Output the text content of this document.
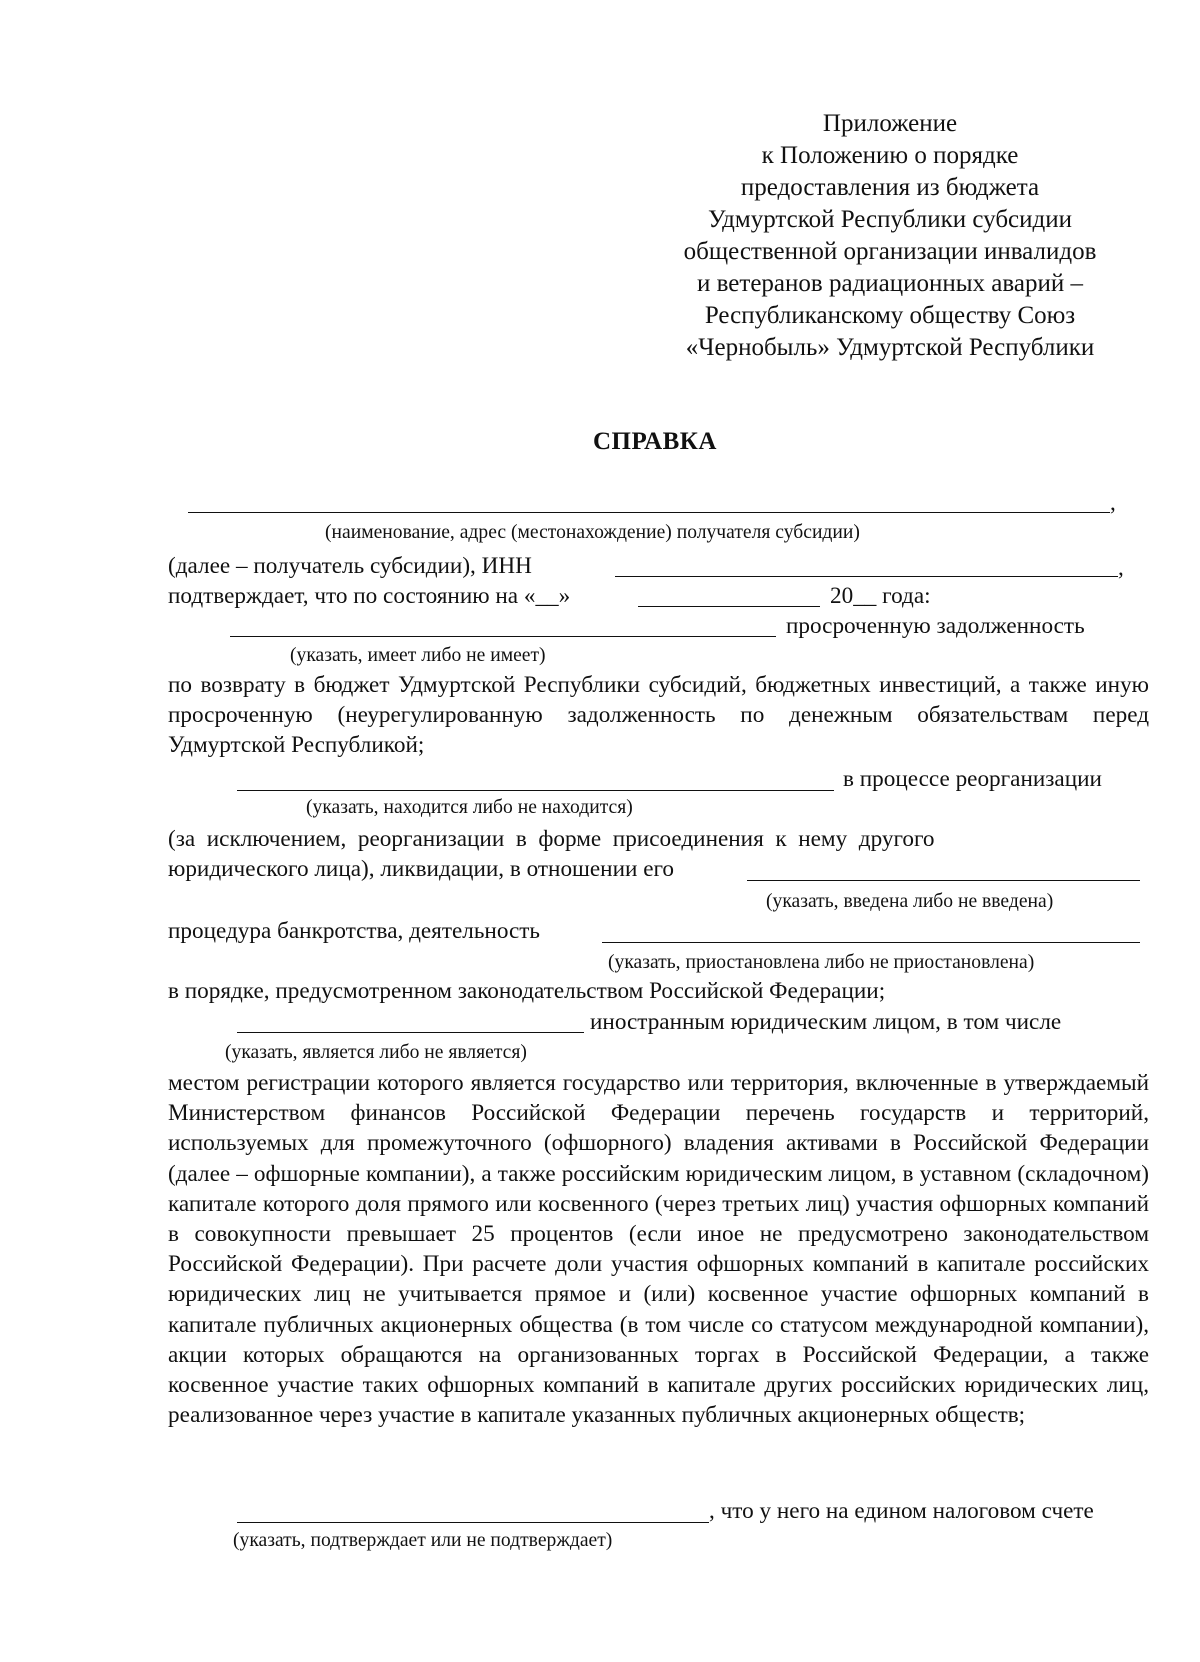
Приложение
к Положению о порядке
предоставления из бюджета
Удмуртской Республики субсидии
общественной организации инвалидов
и ветеранов радиационных аварий –
Республиканскому обществу Союз
«Чернобыль» Удмуртской Республики
СПРАВКА
,
(наименование, адрес (местонахождение) получателя субсидии)
(далее – получатель субсидии), ИНН	,
подтверждает, что по состоянию на «__»	20__ года:
просроченную задолженность
(указать, имеет либо не имеет)
по возврату в бюджет Удмуртской Республики субсидий, бюджетных инвестиций, а также иную просроченную (неурегулированную задолженность по денежным обязательствам перед Удмуртской Республикой;
в процессе реорганизации
(указать, находится либо не находится)
(за  исключением,  реорганизации  в  форме  присоединения  к  нему  другого
юридического лица), ликвидации, в отношении его
(указать, введена либо не введена)
процедура банкротства, деятельность
(указать, приостановлена либо не приостановлена)
в порядке, предусмотренном законодательством Российской Федерации;
иностранным юридическим лицом, в том числе
(указать, является либо не является)
местом регистрации которого является государство или территория, включенные в утверждаемый Министерством финансов Российской Федерации перечень государств и территорий, используемых для промежуточного (офшорного) владения активами в Российской Федерации (далее – офшорные компании), а также российским юридическим лицом, в уставном (складочном) капитале которого доля прямого или косвенного (через третьих лиц) участия офшорных компаний в совокупности превышает 25 процентов (если иное не предусмотрено законодательством Российской Федерации). При расчете доли участия офшорных компаний в капитале российских юридических лиц не учитывается прямое и (или) косвенное участие офшорных компаний в капитале публичных акционерных общества (в том числе со статусом международной компании), акции которых обращаются на организованных торгах в Российской Федерации, а также косвенное участие таких офшорных компаний в капитале других российских юридических лиц, реализованное через участие в капитале указанных публичных акционерных обществ;
, что у него на едином налоговом счете
(указать, подтверждает или не подтверждает)
